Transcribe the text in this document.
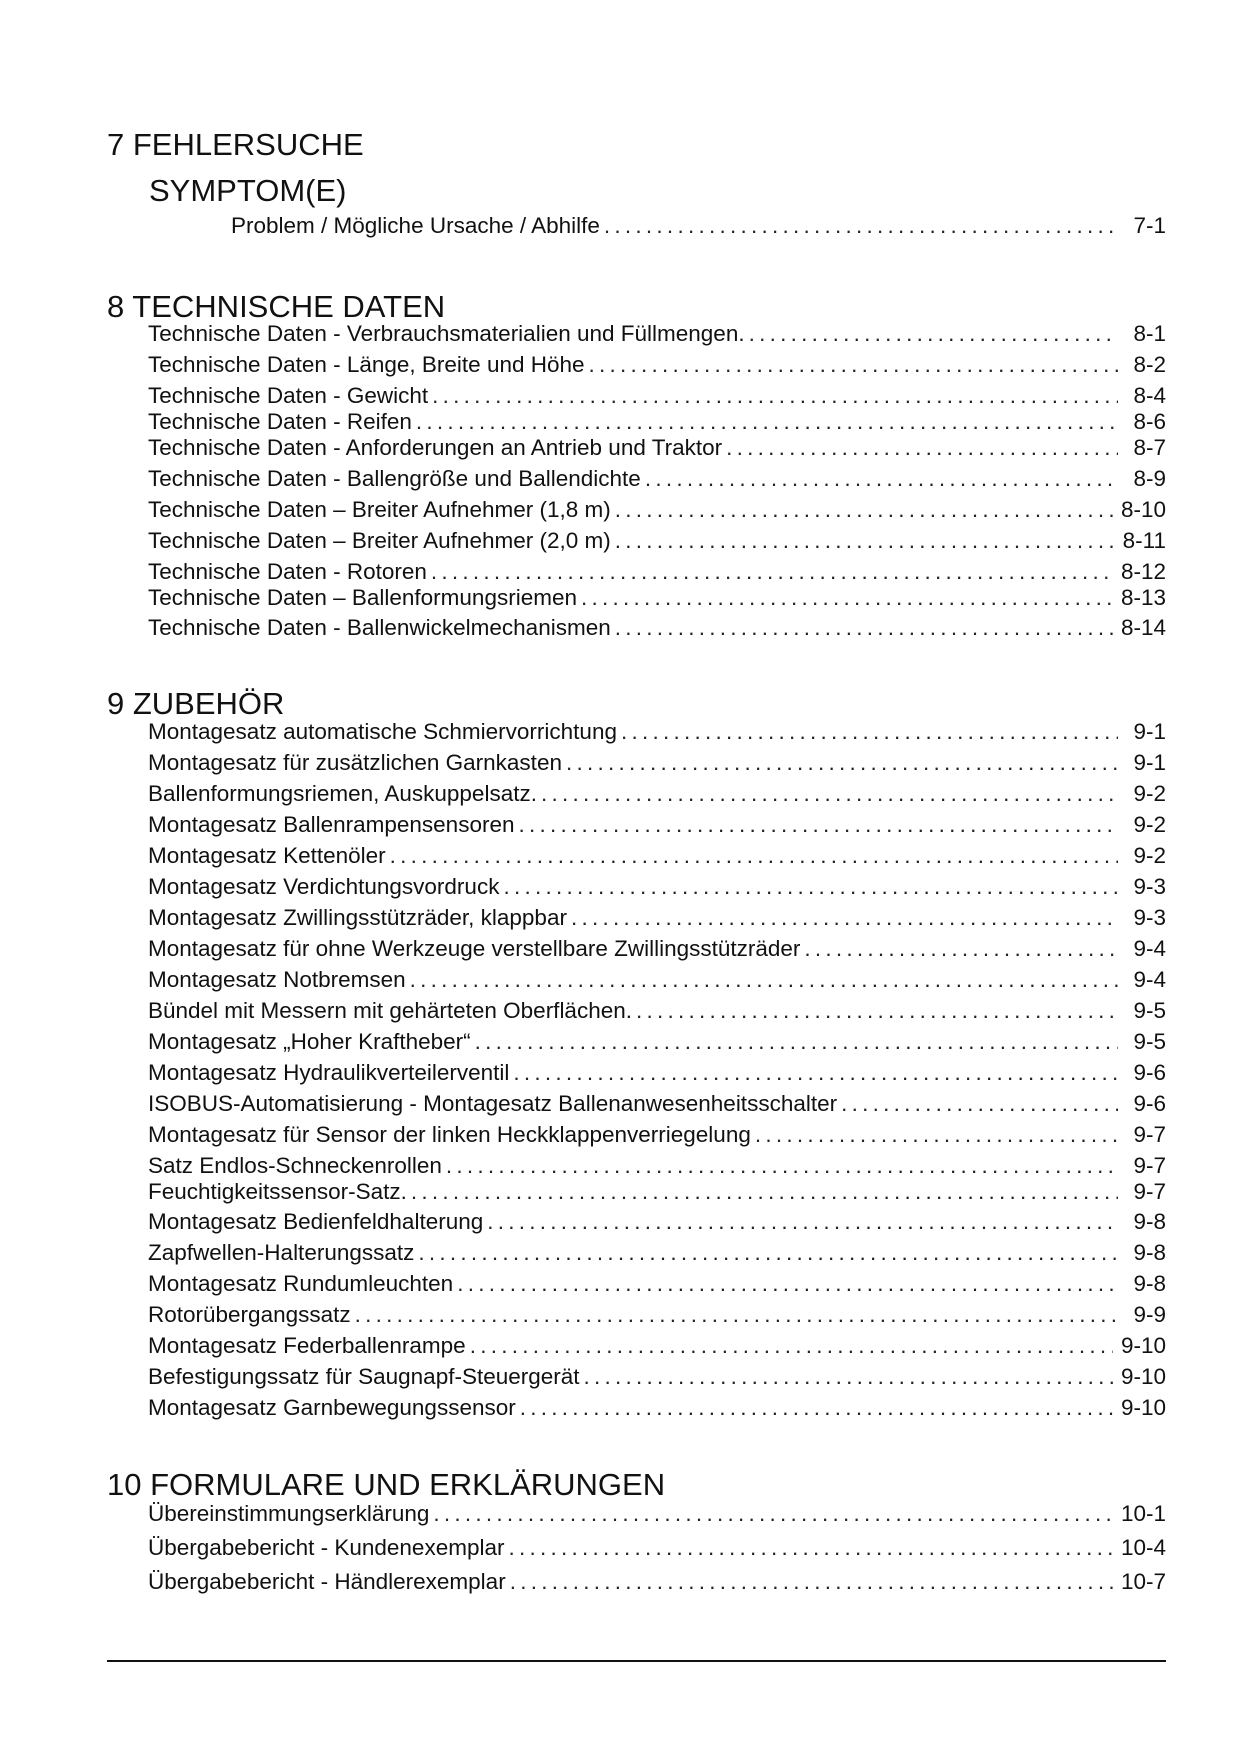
7 FEHLERSUCHE
SYMPTOM(E)
Problem / Mögliche Ursache / Abhilfe . . .	7-1
8 TECHNISCHE DATEN
Technische Daten - Verbrauchsmaterialien und Füllmengen. . . .	8-1
Technische Daten - Länge, Breite und Höhe . . .	8-2
Technische Daten - Gewicht . . .	8-4
Technische Daten - Reifen . . .	8-6
Technische Daten - Anforderungen an Antrieb und Traktor . . .	8-7
Technische Daten - Ballengröße und Ballendichte . . .	8-9
Technische Daten – Breiter Aufnehmer (1,8 m) . . .	8-10
Technische Daten – Breiter Aufnehmer (2,0 m) . . .	8-11
Technische Daten - Rotoren . . .	8-12
Technische Daten – Ballenformungsriemen . . .	8-13
Technische Daten - Ballenwickelmechanismen . . .	8-14
9 ZUBEHÖR
Montagesatz automatische Schmiervorrichtung . . .	9-1
Montagesatz für zusätzlichen Garnkasten . . .	9-1
Ballenformungsriemen, Auskuppelsatz. . . .	9-2
Montagesatz Ballenrampensensoren . . .	9-2
Montagesatz Kettenöler . . .	9-2
Montagesatz Verdichtungsvordruck . . .	9-3
Montagesatz Zwillingsstützräder, klappbar . . .	9-3
Montagesatz für ohne Werkzeuge verstellbare Zwillingsstützräder . . .	9-4
Montagesatz Notbremsen . . .	9-4
Bündel mit Messern mit gehärteten Oberflächen. . . .	9-5
Montagesatz „Hoher Kraftheber“ . . .	9-5
Montagesatz Hydraulikverteilerventil . . .	9-6
ISOBUS-Automatisierung - Montagesatz Ballenanwesenheitsschalter . . .	9-6
Montagesatz für Sensor der linken Heckklappenverriegelung . . .	9-7
Satz Endlos-Schneckenrollen . . .	9-7
Feuchtigkeitssensor-Satz. . . .	9-7
Montagesatz Bedienfeldhalterung . . .	9-8
Zapfwellen-Halterungssatz . . .	9-8
Montagesatz Rundumleuchten . . .	9-8
Rotorübergangssatz . . .	9-9
Montagesatz Federballenrampe . . .	9-10
Befestigungssatz für Saugnapf-Steuergerät . . .	9-10
Montagesatz Garnbewegungssensor . . .	9-10
10 FORMULARE UND ERKLÄRUNGEN
Übereinstimmungserklärung . . .	10-1
Übergabebericht - Kundenexemplar . . .	10-4
Übergabebericht - Händlerexemplar . . .	10-7
